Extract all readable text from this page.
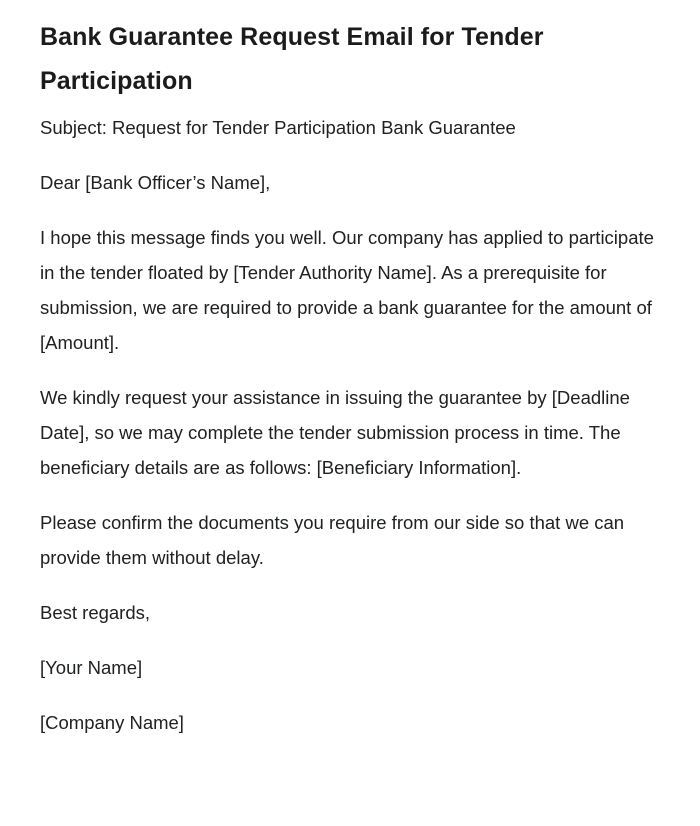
Bank Guarantee Request Email for Tender Participation

Subject: Request for Tender Participation Bank Guarantee

Dear [Bank Officer’s Name],

I hope this message finds you well. Our company has applied to participate in the tender floated by [Tender Authority Name]. As a prerequisite for submission, we are required to provide a bank guarantee for the amount of [Amount].

We kindly request your assistance in issuing the guarantee by [Deadline Date], so we may complete the tender submission process in time. The beneficiary details are as follows: [Beneficiary Information].

Please confirm the documents you require from our side so that we can provide them without delay.

Best regards,

[Your Name]

[Company Name]
